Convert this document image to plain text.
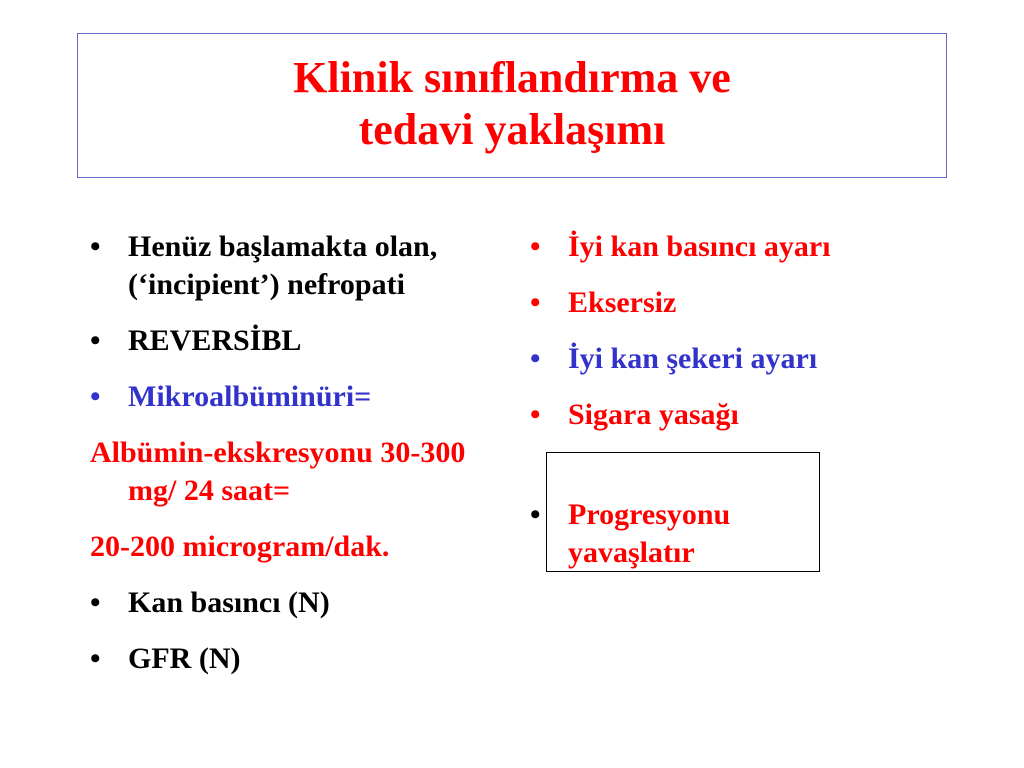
Klinik sınıflandırma ve
tedavi yaklaşımı
• Henüz başlamakta olan, (‘incipient’) nefropati
• REVERSİBL
• Mikroalbüminüri=
Albümin-ekskresyonu 30-300 mg/ 24 saat=
20-200 microgram/dak.
• Kan basıncı (N)
• GFR (N)
• İyi kan basıncı ayarı
• Eksersiz
• İyi kan şekeri ayarı
• Sigara yasağı
• Progresyonu yavaşlatır
